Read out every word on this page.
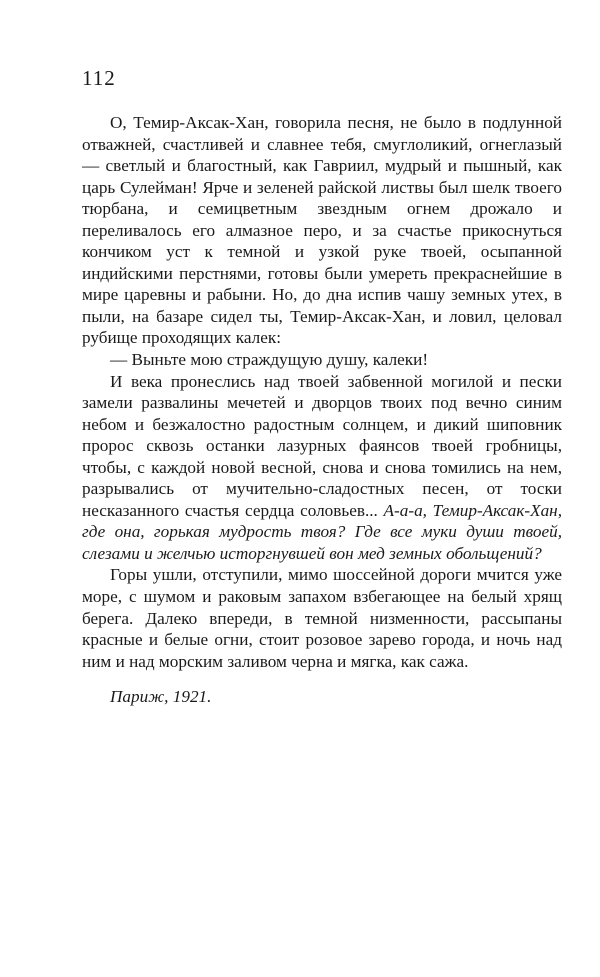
112

О, Темир-Аксак-Хан, говорила песня, не было в подлунной отважней, счастливей и славнее тебя, смуглоликий, огнеглазый — светлый и благостный, как Гавриил, мудрый и пышный, как царь Сулейман! Ярче и зеленей райской листвы был шелк твоего тюрбана, и семицветным звездным огнем дрожало и переливалось его алмазное перо, и за счастье прикоснуться кончиком уст к темной и узкой руке твоей, осыпанной индийскими перстнями, готовы были умереть прекраснейшие в мире царевны и рабыни. Но, до дна испив чашу земных утех, в пыли, на базаре сидел ты, Темир-Аксак-Хан, и ловил, целовал рубище проходящих калек:

— Выньте мою страждущую душу, калеки!

И века пронеслись над твоей забвенной могилой и пески замели развалины мечетей и дворцов твоих под вечно синим небом и безжалостно радостным солнцем, и дикий шиповник пророс сквозь останки лазурных фаянсов твоей гробницы, чтобы, с каждой новой весной, снова и снова томились на нем, разрывались от мучительно-сладостных песен, от тоски несказанного счастья сердца соловьев... А-а-а, Темир-Аксак-Хан, где она, горькая мудрость твоя? Где все муки души твоей, слезами и желчью исторгнувшей вон мед земных обольщений?

Горы ушли, отступили, мимо шоссейной дороги мчится уже море, с шумом и раковым запахом взбегающее на белый хрящ берега. Далеко впереди, в темной низменности, рассыпаны красные и белые огни, стоит розовое зарево города, и ночь над ним и над морским заливом черна и мягка, как сажа.

Париж, 1921.
